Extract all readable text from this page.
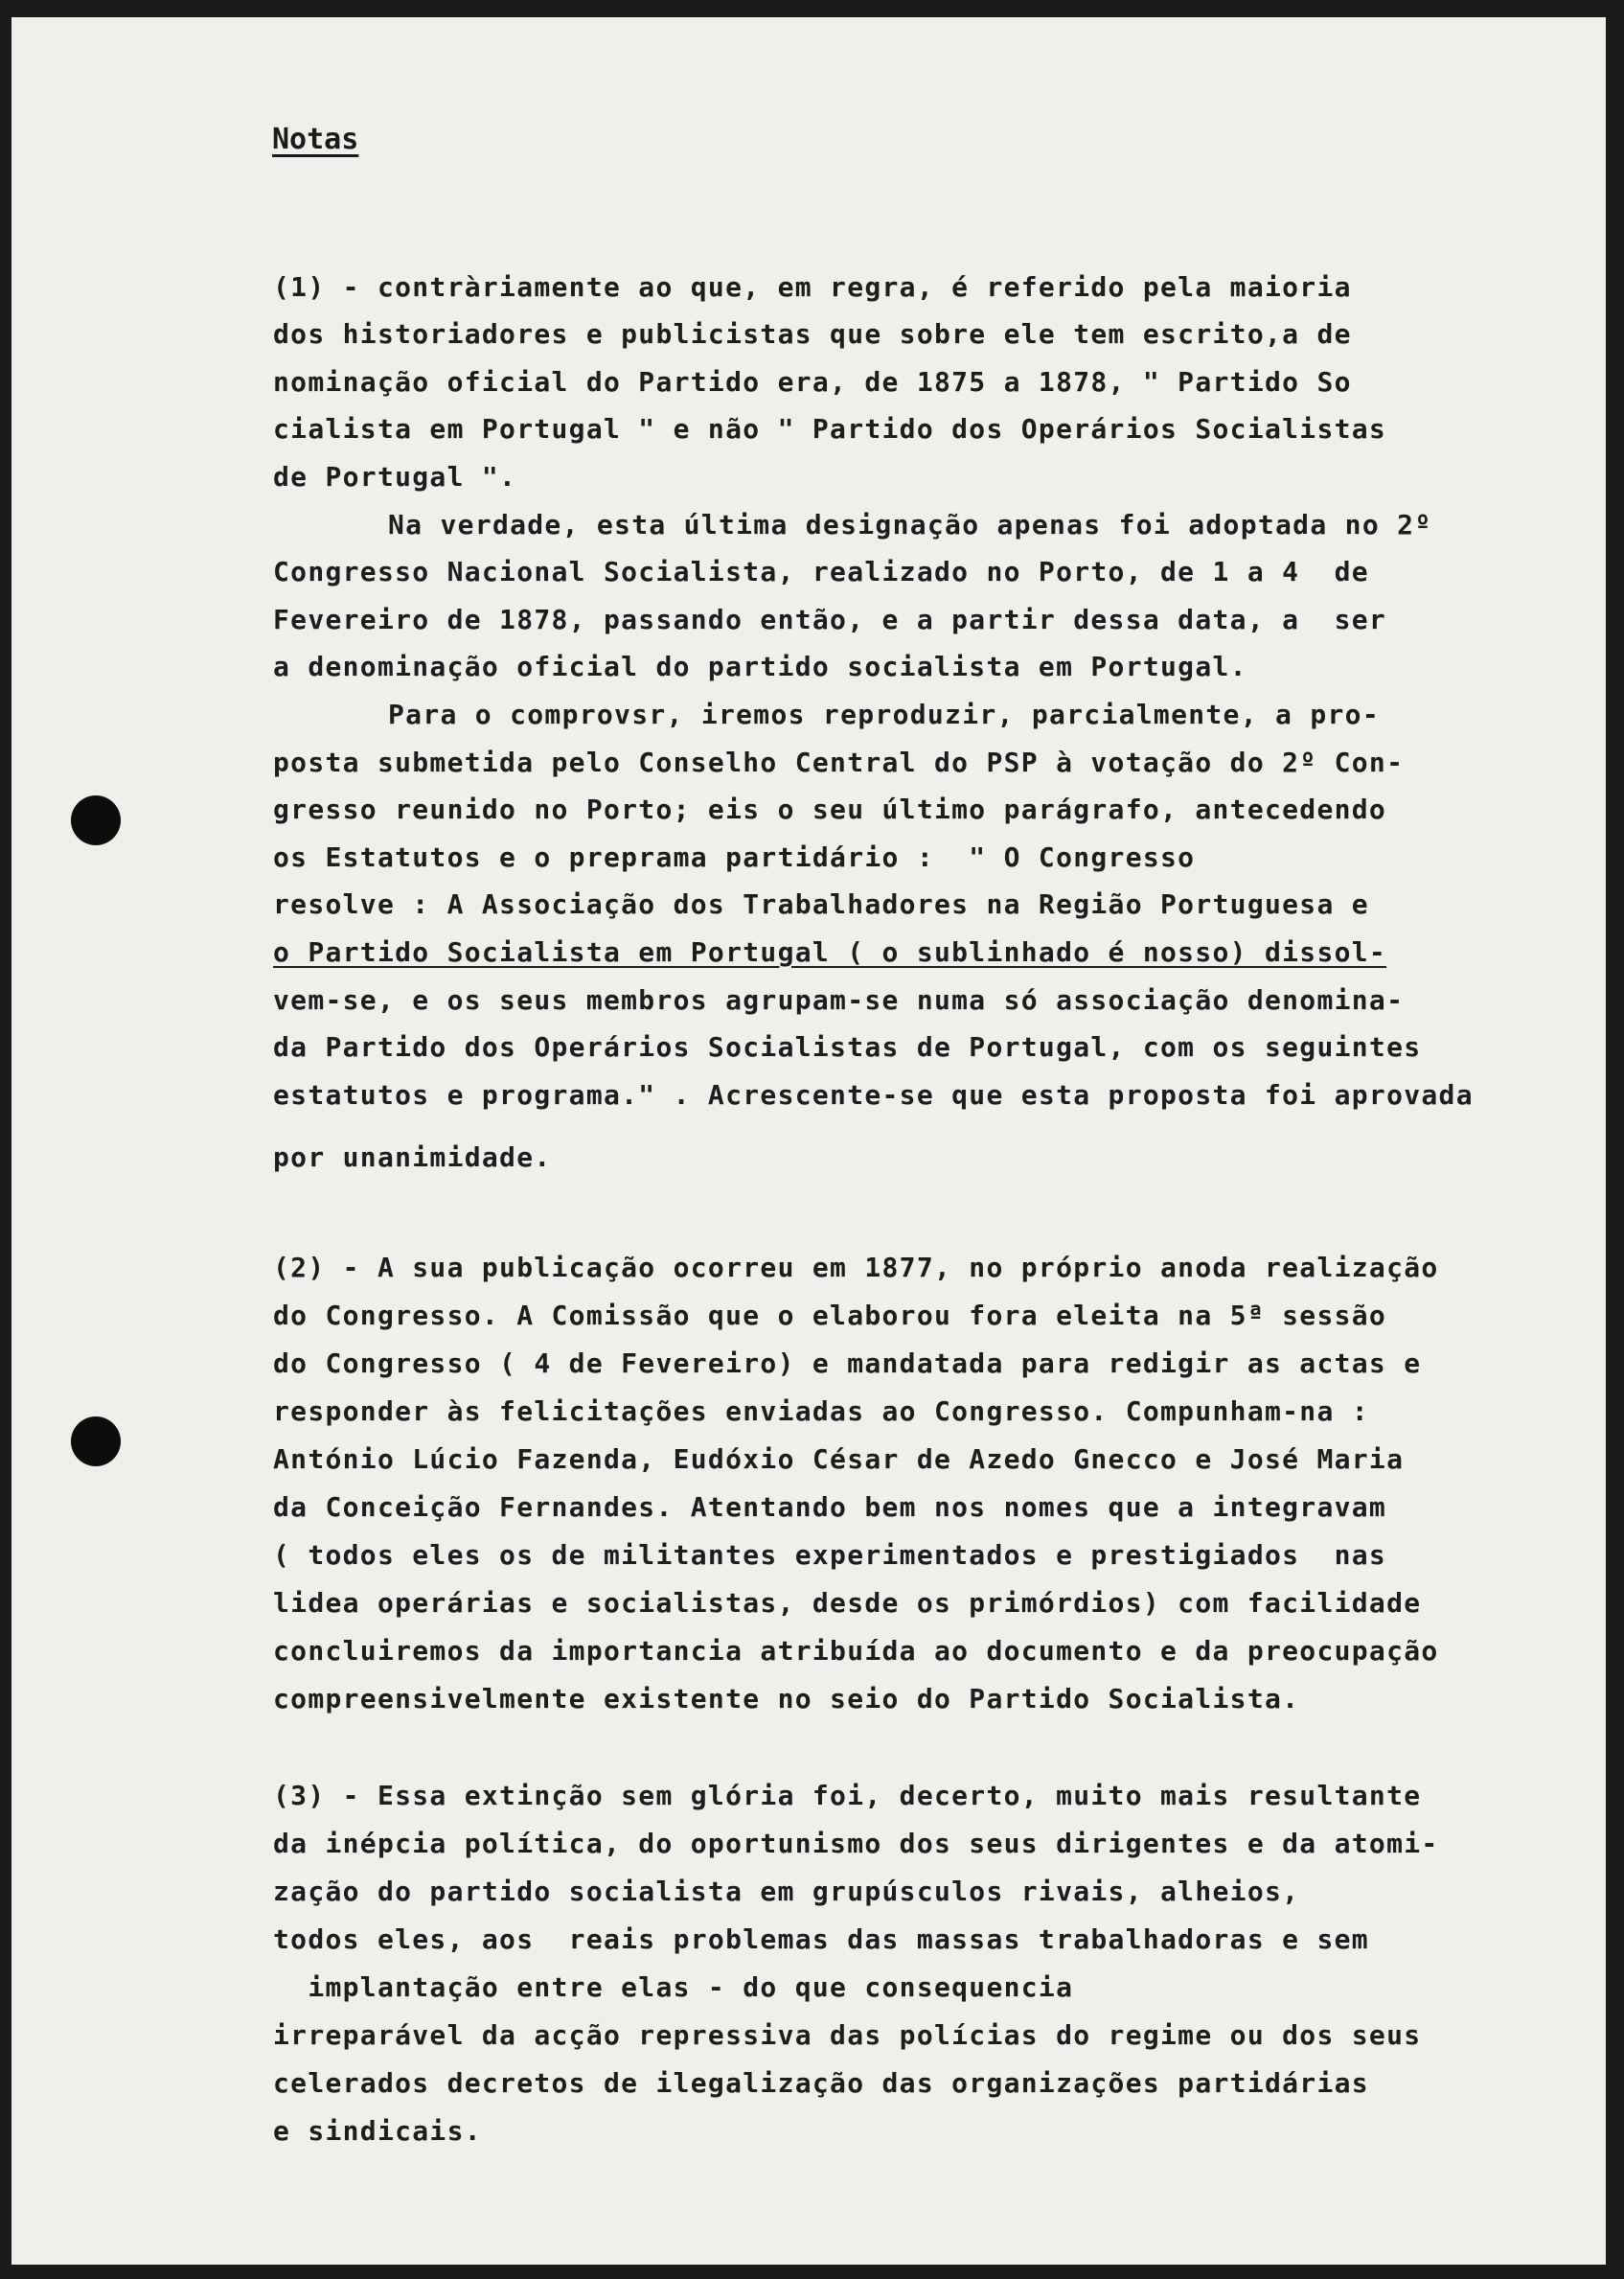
Notas
(1) - contràriamente ao que, em regra, é referido pela maioria
dos historiadores e publicistas que sobre ele tem escrito,a de
nominação oficial do Partido era, de 1875 a 1878, " Partido So
cialista em Portugal " e não " Partido dos Operários Socialistas
de Portugal ".
Na verdade, esta última designação apenas foi adoptada no 2º
Congresso Nacional Socialista, realizado no Porto, de 1 a 4  de
Fevereiro de 1878, passando então, e a partir dessa data, a  ser
a denominação oficial do partido socialista em Portugal.
Para o comprovsr, iremos reproduzir, parcialmente, a pro-
posta submetida pelo Conselho Central do PSP à votação do 2º Con-
gresso reunido no Porto; eis o seu último parágrafo, antecedendo
os Estatutos e o preprama partidário :  " O Congresso
resolve : A Associação dos Trabalhadores na Região Portuguesa e
o Partido Socialista em Portugal ( o sublinhado é nosso) dissol-
vem-se, e os seus membros agrupam-se numa só associação denomina-
da Partido dos Operários Socialistas de Portugal, com os seguintes
estatutos e programa." . Acrescente-se que esta proposta foi aprovada
por unanimidade.
(2) - A sua publicação ocorreu em 1877, no próprio anoda realização
do Congresso. A Comissão que o elaborou fora eleita na 5ª sessão
do Congresso ( 4 de Fevereiro) e mandatada para redigir as actas e
responder às felicitações enviadas ao Congresso. Compunham-na :
António Lúcio Fazenda, Eudóxio César de Azedo Gnecco e José Maria
da Conceição Fernandes. Atentando bem nos nomes que a integravam
( todos eles os de militantes experimentados e prestigiados  nas
lidea operárias e socialistas, desde os primórdios) com facilidade
concluiremos da importancia atribuída ao documento e da preocupação
compreensivelmente existente no seio do Partido Socialista.
(3) - Essa extinção sem glória foi, decerto, muito mais resultante
da inépcia política, do oportunismo dos seus dirigentes e da atomi-
zação do partido socialista em grupúsculos rivais, alheios,
todos eles, aos  reais problemas das massas trabalhadoras e sem
implantação entre elas - do que consequencia
irreparável da acção repressiva das polícias do regime ou dos seus
celerados decretos de ilegalização das organizações partidárias
e sindicais.
